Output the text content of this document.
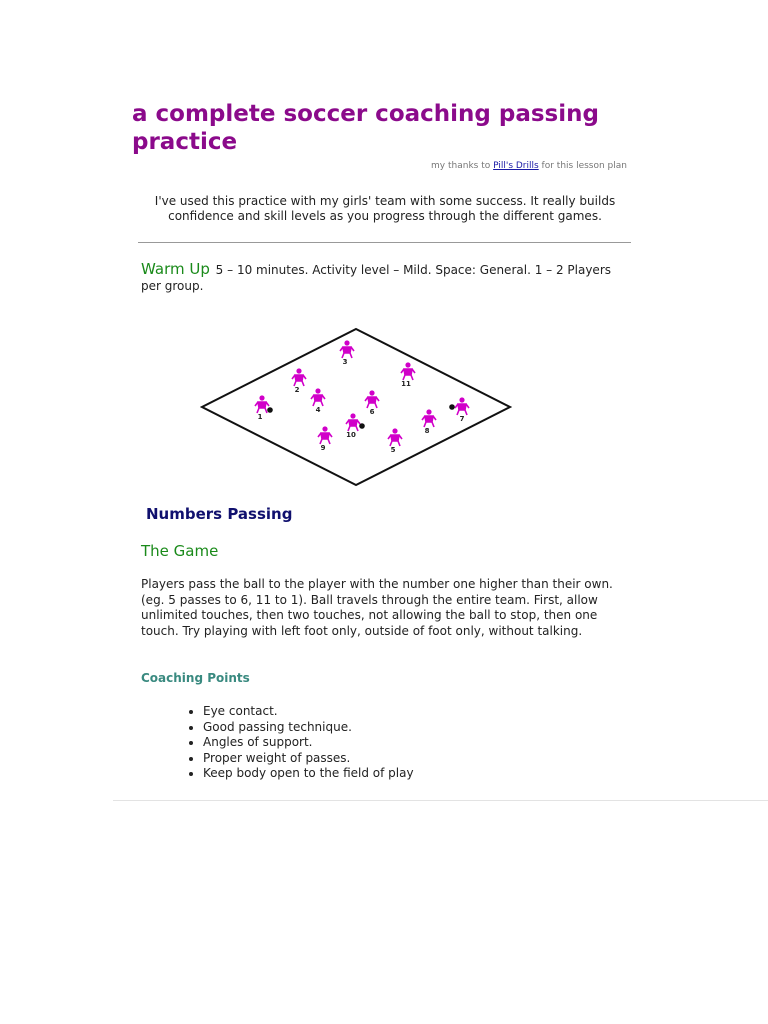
a complete soccer coaching passing practice
my thanks to Pill's Drills for this lesson plan
I've used this practice with my girls' team with some success. It really builds confidence and skill levels as you progress through the different games.
Warm Up 5 – 10 minutes. Activity level – Mild. Space: General. 1 – 2 Players per group.
1
2
3
4
5
6
7
8
9
10
11
Numbers Passing
The Game

Players pass the ball to the player with the number one higher than their own. (eg. 5 passes to 6, 11 to 1). Ball travels through the entire team. First, allow unlimited touches, then two touches, not allowing the ball to stop, then one touch. Try playing with left foot only, outside of foot only, without talking.

Coaching Points
• Eye contact.
• Good passing technique.
• Angles of support.
• Proper weight of passes.
• Keep body open to the field of play
